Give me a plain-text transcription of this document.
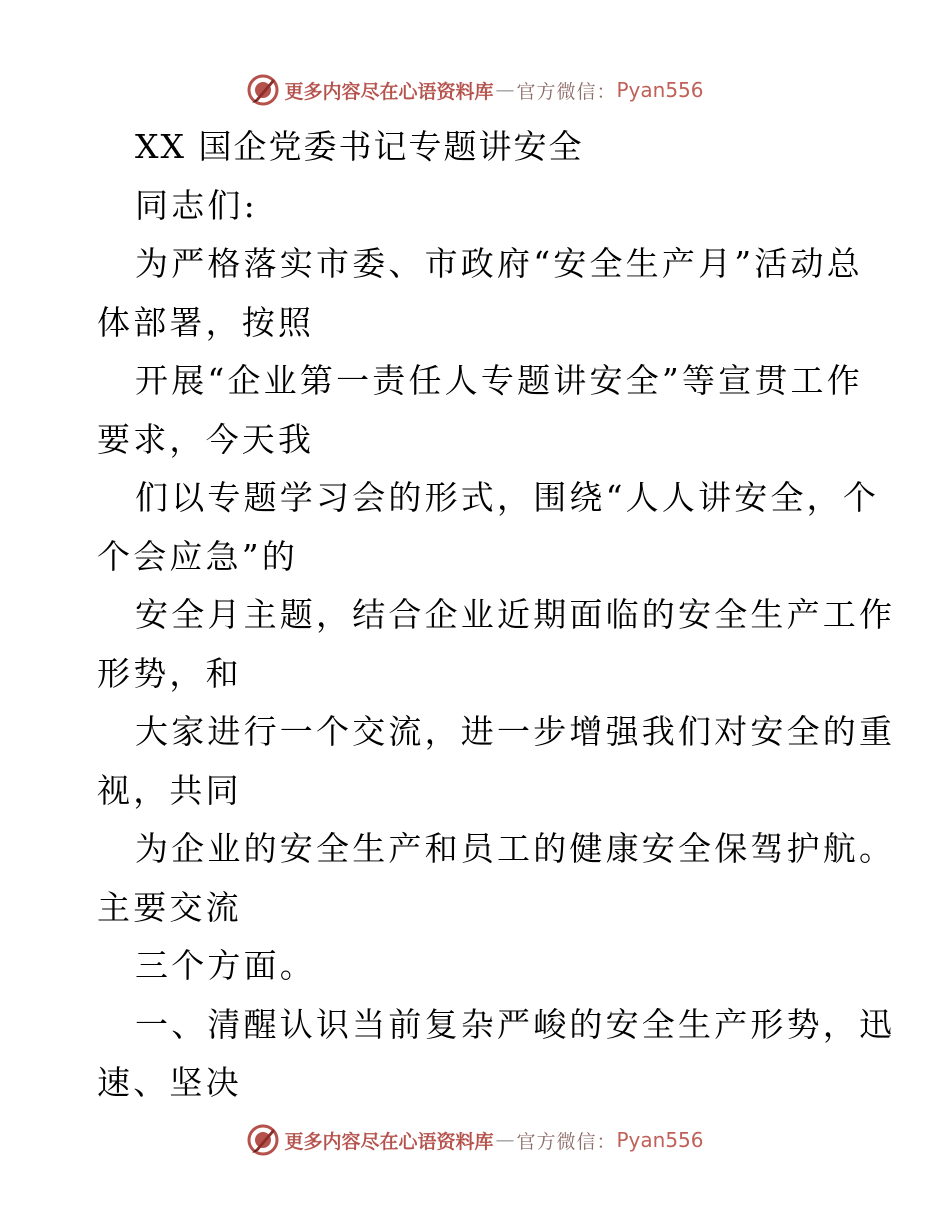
更多内容尽在心语资料库 — 官方微信： Pyan556
XX 国企党委书记专题讲安全
同志们:
为严格落实市委、市政府“安全生产月”活动总
体部署，按照
开展“企业第一责任人专题讲安全”等宣贯工作
要求，今天我
们以专题学习会的形式，围绕“人人讲安全，个
个会应急”的
安全月主题，结合企业近期面临的安全生产工作
形势，和
大家进行一个交流，进一步增强我们对安全的重
视，共同
为企业的安全生产和员工的健康安全保驾护航。
主要交流
三个方面。
一、清醒认识当前复杂严峻的安全生产形势，迅
速、坚决
更多内容尽在心语资料库 — 官方微信： Pyan556
